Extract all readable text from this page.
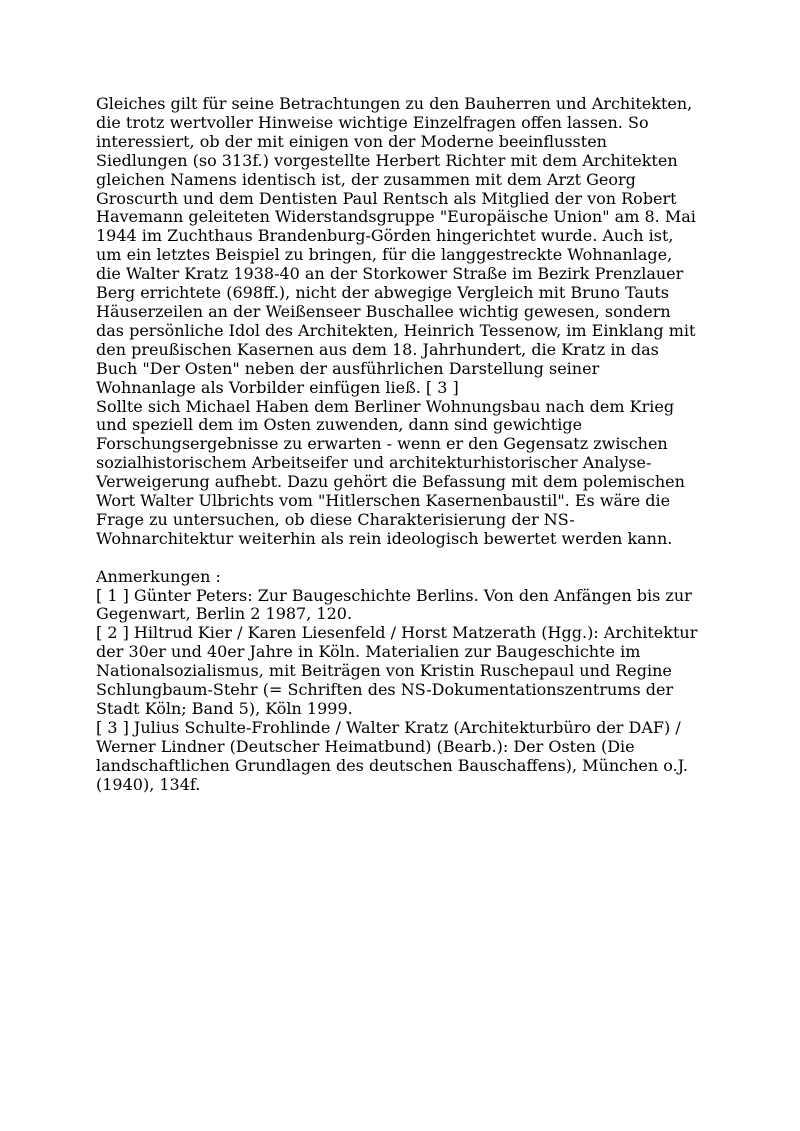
Gleiches gilt für seine Betrachtungen zu den Bauherren und Architekten,
die trotz wertvoller Hinweise wichtige Einzelfragen offen lassen. So
interessiert, ob der mit einigen von der Moderne beeinflussten
Siedlungen (so 313f.) vorgestellte Herbert Richter mit dem Architekten
gleichen Namens identisch ist, der zusammen mit dem Arzt Georg
Groscurth und dem Dentisten Paul Rentsch als Mitglied der von Robert
Havemann geleiteten Widerstandsgruppe "Europäische Union" am 8. Mai
1944 im Zuchthaus Brandenburg-Görden hingerichtet wurde. Auch ist,
um ein letztes Beispiel zu bringen, für die langgestreckte Wohnanlage,
die Walter Kratz 1938-40 an der Storkower Straße im Bezirk Prenzlauer
Berg errichtete (698ff.), nicht der abwegige Vergleich mit Bruno Tauts
Häuserzeilen an der Weißenseer Buschallee wichtig gewesen, sondern
das persönliche Idol des Architekten, Heinrich Tessenow, im Einklang mit
den preußischen Kasernen aus dem 18. Jahrhundert, die Kratz in das
Buch "Der Osten" neben der ausführlichen Darstellung seiner
Wohnanlage als Vorbilder einfügen ließ. [ 3 ]
Sollte sich Michael Haben dem Berliner Wohnungsbau nach dem Krieg
und speziell dem im Osten zuwenden, dann sind gewichtige
Forschungsergebnisse zu erwarten - wenn er den Gegensatz zwischen
sozialhistorischem Arbeitseifer und architekturhistorischer Analyse-
Verweigerung aufhebt. Dazu gehört die Befassung mit dem polemischen
Wort Walter Ulbrichts vom "Hitlerschen Kasernenbaustil". Es wäre die
Frage zu untersuchen, ob diese Charakterisierung der NS-
Wohnarchitektur weiterhin als rein ideologisch bewertet werden kann.
Anmerkungen :
[ 1 ] Günter Peters: Zur Baugeschichte Berlins. Von den Anfängen bis zur
Gegenwart, Berlin 2 1987, 120.
[ 2 ] Hiltrud Kier / Karen Liesenfeld / Horst Matzerath (Hgg.): Architektur
der 30er und 40er Jahre in Köln. Materialien zur Baugeschichte im
Nationalsozialismus, mit Beiträgen von Kristin Ruschepaul und Regine
Schlungbaum-Stehr (= Schriften des NS-Dokumentationszentrums der
Stadt Köln; Band 5), Köln 1999.
[ 3 ] Julius Schulte-Frohlinde / Walter Kratz (Architekturbüro der DAF) /
Werner Lindner (Deutscher Heimatbund) (Bearb.): Der Osten (Die
landschaftlichen Grundlagen des deutschen Bauschaffens), München o.J.
(1940), 134f.
